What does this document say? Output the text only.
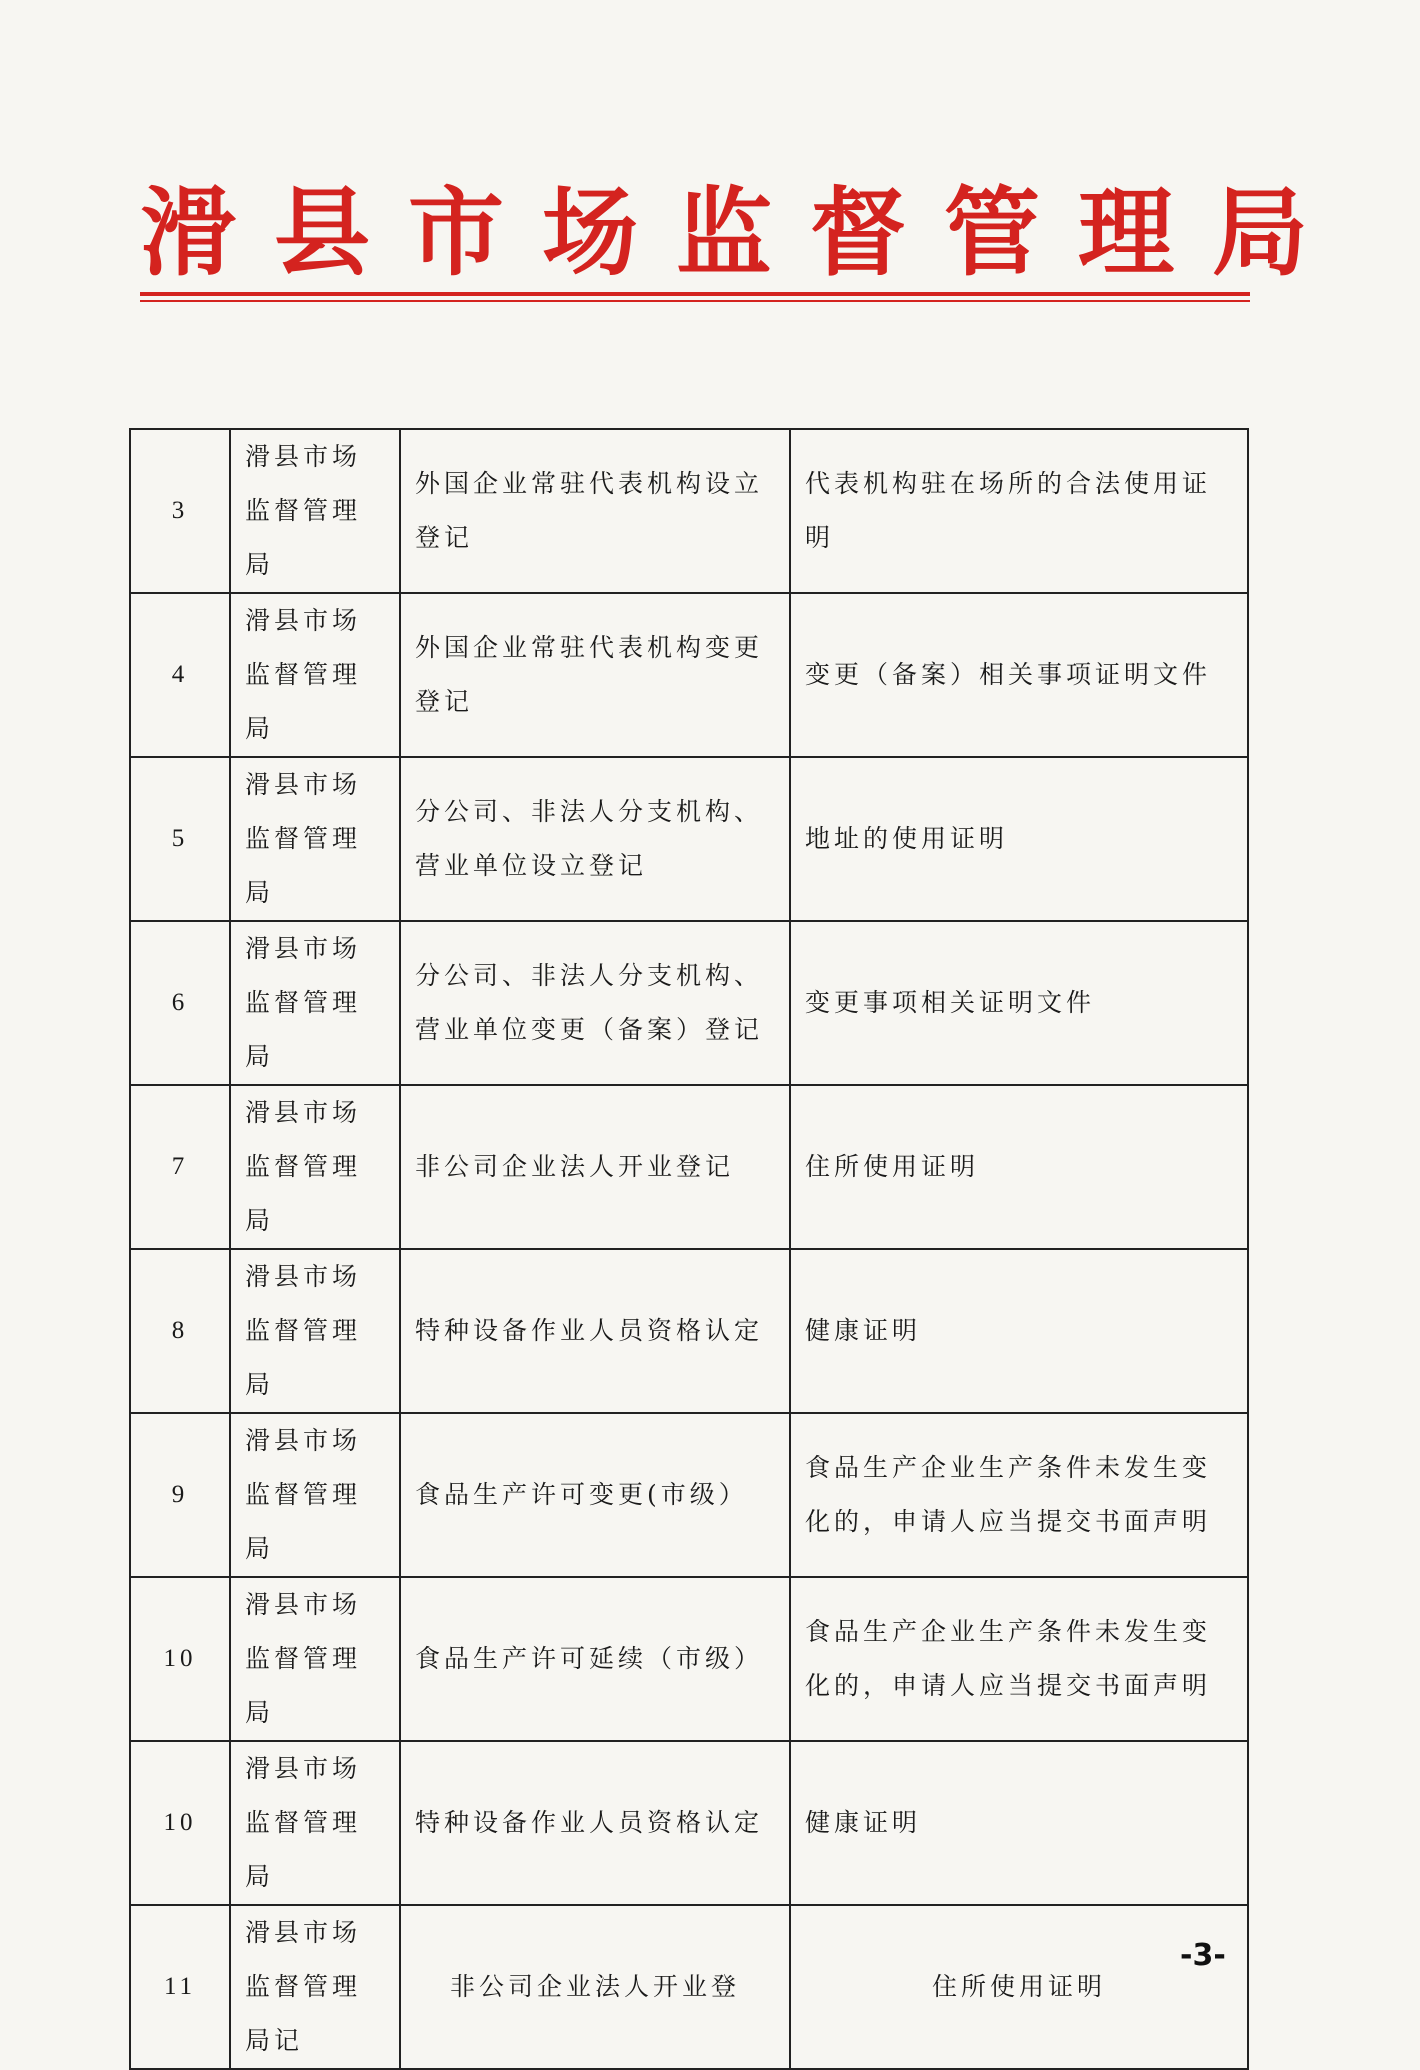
滑县市场监督管理局
3	滑县市场监督管理局	外国企业常驻代表机构设立登记	代表机构驻在场所的合法使用证明
4	滑县市场监督管理局	外国企业常驻代表机构变更登记	变更（备案）相关事项证明文件
5	滑县市场监督管理局	分公司、非法人分支机构、营业单位设立登记	地址的使用证明
6	滑县市场监督管理局	分公司、非法人分支机构、营业单位变更（备案）登记	变更事项相关证明文件
7	滑县市场监督管理局	非公司企业法人开业登记	住所使用证明
8	滑县市场监督管理局	特种设备作业人员资格认定	健康证明
9	滑县市场监督管理局	食品生产许可变更(市级）	食品生产企业生产条件未发生变化的，申请人应当提交书面声明
10	滑县市场监督管理局	食品生产许可延续（市级）	食品生产企业生产条件未发生变化的，申请人应当提交书面声明
10	滑县市场监督管理局	特种设备作业人员资格认定	健康证明
11	滑县市场监督管理局记	非公司企业法人开业登	住所使用证明
-3-
